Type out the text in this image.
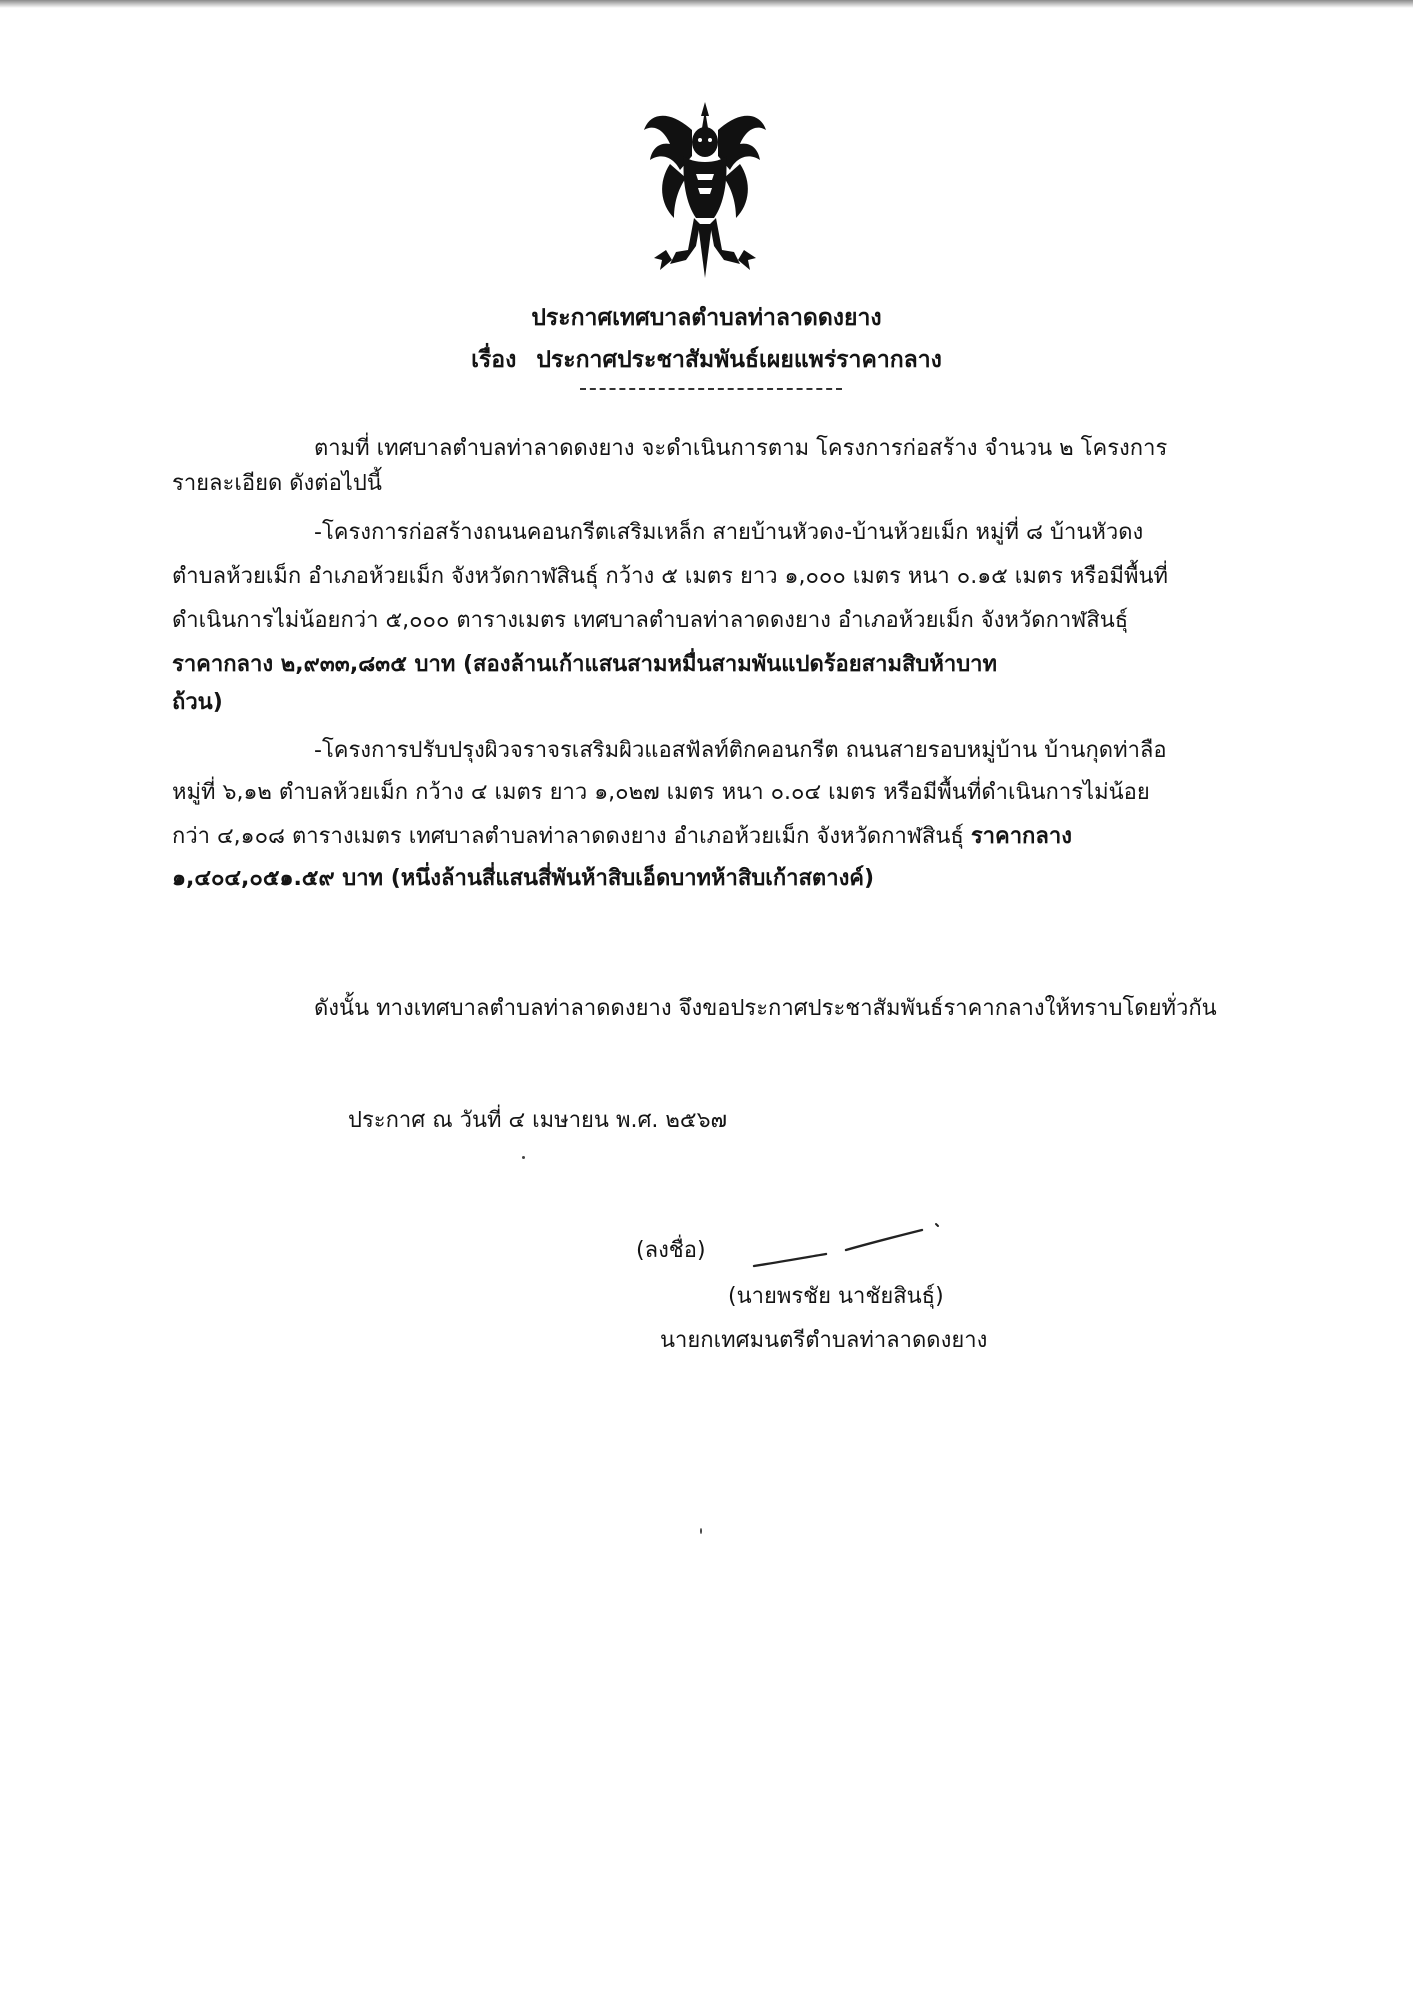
ประกาศเทศบาลตำบลท่าลาดดงยาง
เรื่อง ประกาศประชาสัมพันธ์เผยแพร่ราคากลาง
ตามที่ เทศบาลตำบลท่าลาดดงยาง จะดำเนินการตาม โครงการก่อสร้าง จำนวน ๒ โครงการ
รายละเอียด ดังต่อไปนี้
-โครงการก่อสร้างถนนคอนกรีตเสริมเหล็ก สายบ้านหัวดง-บ้านห้วยเม็ก หมู่ที่ ๘ บ้านหัวดง
ตำบลห้วยเม็ก อำเภอห้วยเม็ก จังหวัดกาฬสินธุ์ กว้าง ๕ เมตร ยาว ๑,๐๐๐ เมตร หนา ๐.๑๕ เมตร หรือมีพื้นที่
ดำเนินการไม่น้อยกว่า ๕,๐๐๐ ตารางเมตร เทศบาลตำบลท่าลาดดงยาง อำเภอห้วยเม็ก จังหวัดกาฬสินธุ์
ราคากลาง ๒,๙๓๓,๘๓๕ บาท (สองล้านเก้าแสนสามหมื่นสามพันแปดร้อยสามสิบห้าบาท
ถ้วน)
-โครงการปรับปรุงผิวจราจรเสริมผิวแอสฟัลท์ติกคอนกรีต ถนนสายรอบหมู่บ้าน บ้านกุดท่าลือ
หมู่ที่ ๖,๑๒ ตำบลห้วยเม็ก กว้าง ๔ เมตร ยาว ๑,๐๒๗ เมตร หนา ๐.๐๔ เมตร หรือมีพื้นที่ดำเนินการไม่น้อย
กว่า ๔,๑๐๘ ตารางเมตร เทศบาลตำบลท่าลาดดงยาง อำเภอห้วยเม็ก จังหวัดกาฬสินธุ์ ราคากลาง
๑,๔๐๔,๐๕๑.๕๙ บาท (หนึ่งล้านสี่แสนสี่พันห้าสิบเอ็ดบาทห้าสิบเก้าสตางค์)
ดังนั้น ทางเทศบาลตำบลท่าลาดดงยาง จึงขอประกาศประชาสัมพันธ์ราคากลางให้ทราบโดยทั่วกัน
ประกาศ ณ วันที่ ๔ เมษายน พ.ศ. ๒๕๖๗
(ลงชื่อ)
(นายพรชัย นาชัยสินธุ์)
นายกเทศมนตรีตำบลท่าลาดดงยาง
